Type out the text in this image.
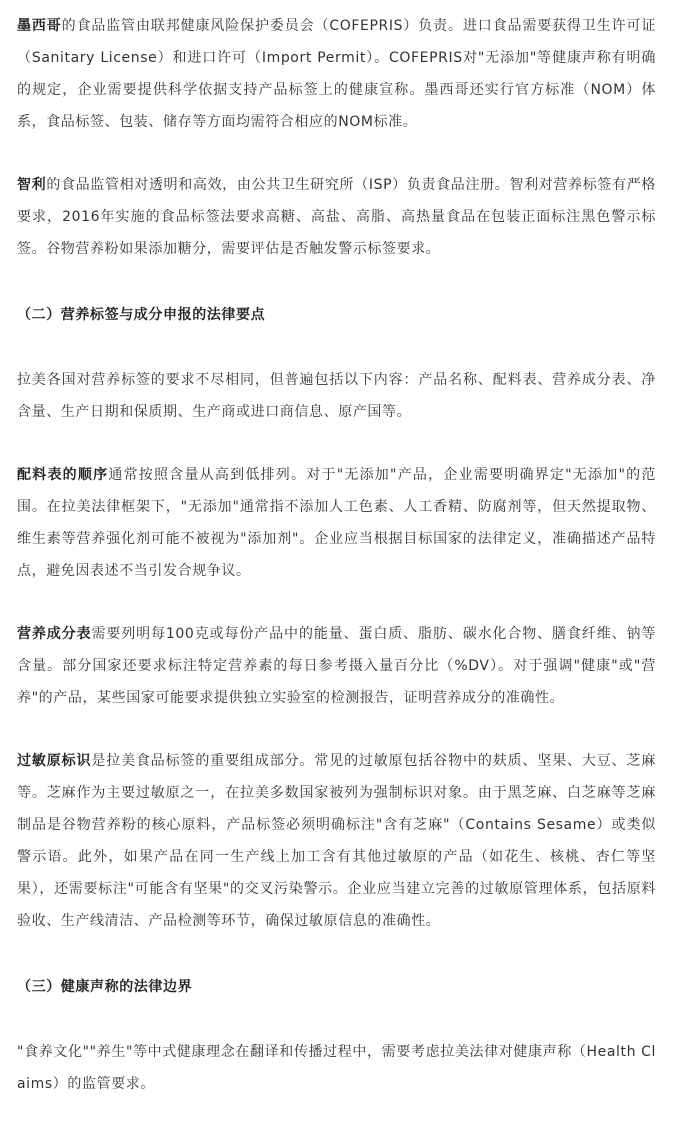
墨西哥的食品监管由联邦健康风险保护委员会（COFEPRIS）负责。进口食品需要获得卫生许可证（Sanitary License）和进口许可（Import Permit）。COFEPRIS对"无添加"等健康声称有明确的规定，企业需要提供科学依据支持产品标签上的健康宣称。墨西哥还实行官方标准（NOM）体系，食品标签、包装、储存等方面均需符合相应的NOM标准。

智利的食品监管相对透明和高效，由公共卫生研究所（ISP）负责食品注册。智利对营养标签有严格要求，2016年实施的食品标签法要求高糖、高盐、高脂、高热量食品在包装正面标注黑色警示标签。谷物营养粉如果添加糖分，需要评估是否触发警示标签要求。

（二）营养标签与成分申报的法律要点

拉美各国对营养标签的要求不尽相同，但普遍包括以下内容：产品名称、配料表、营养成分表、净含量、生产日期和保质期、生产商或进口商信息、原产国等。

配料表的顺序通常按照含量从高到低排列。对于"无添加"产品，企业需要明确界定"无添加"的范围。在拉美法律框架下，"无添加"通常指不添加人工色素、人工香精、防腐剂等，但天然提取物、维生素等营养强化剂可能不被视为"添加剂"。企业应当根据目标国家的法律定义，准确描述产品特点，避免因表述不当引发合规争议。

营养成分表需要列明每100克或每份产品中的能量、蛋白质、脂肪、碳水化合物、膳食纤维、钠等含量。部分国家还要求标注特定营养素的每日参考摄入量百分比（%DV）。对于强调"健康"或"营养"的产品，某些国家可能要求提供独立实验室的检测报告，证明营养成分的准确性。

过敏原标识是拉美食品标签的重要组成部分。常见的过敏原包括谷物中的麸质、坚果、大豆、芝麻等。芝麻作为主要过敏原之一，在拉美多数国家被列为强制标识对象。由于黑芝麻、白芝麻等芝麻制品是谷物营养粉的核心原料，产品标签必须明确标注"含有芝麻"（Contains Sesame）或类似警示语。此外，如果产品在同一生产线上加工含有其他过敏原的产品（如花生、核桃、杏仁等坚果），还需要标注"可能含有坚果"的交叉污染警示。企业应当建立完善的过敏原管理体系，包括原料验收、生产线清洁、产品检测等环节，确保过敏原信息的准确性。

（三）健康声称的法律边界

"食养文化""养生"等中式健康理念在翻译和传播过程中，需要考虑拉美法律对健康声称（Health Claims）的监管要求。
